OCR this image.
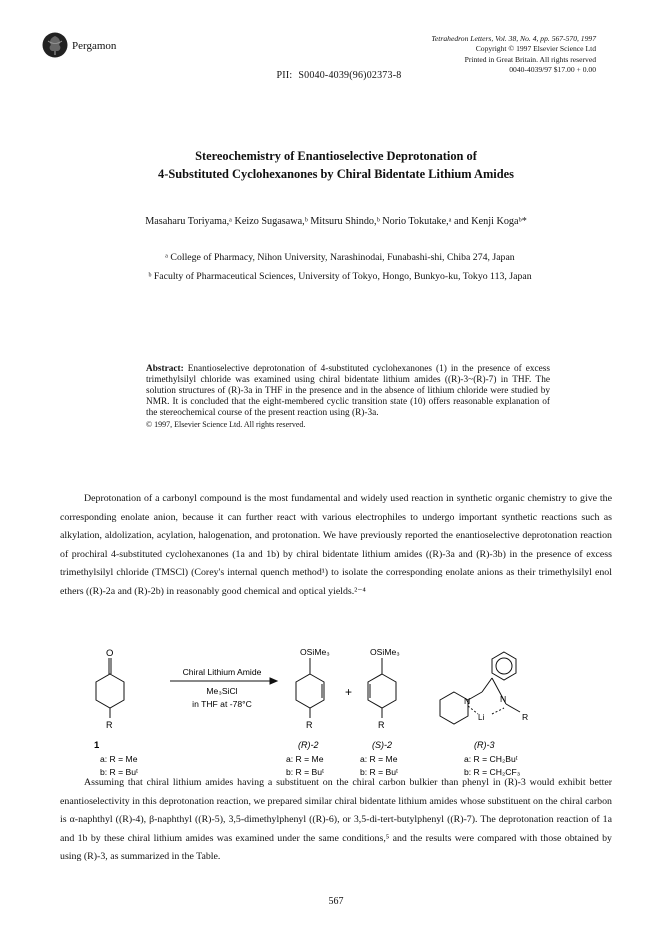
Pergamon
Tetrahedron Letters, Vol. 38, No. 4, pp. 567-570, 1997
Copyright © 1997 Elsevier Science Ltd
Printed in Great Britain. All rights reserved
0040-4039/97 $17.00 + 0.00
PII: S0040-4039(96)02373-8
Stereochemistry of Enantioselective Deprotonation of
4-Substituted Cyclohexanones by Chiral Bidentate Lithium Amides
Masaharu Toriyama,ᵃ Keizo Sugasawa,ᵇ Mitsuru Shindo,ᵇ Norio Tokutake,ᵃ and Kenji Kogaᵇ*
ᵃ College of Pharmacy, Nihon University, Narashinodai, Funabashi-shi, Chiba 274, Japan
ᵇ Faculty of Pharmaceutical Sciences, University of Tokyo, Hongo, Bunkyo-ku, Tokyo 113, Japan
Abstract: Enantioselective deprotonation of 4-substituted cyclohexanones (1) in the presence of excess trimethylsilyl chloride was examined using chiral bidentate lithium amides ((R)-3~(R)-7) in THF. The solution structures of (R)-3a in THF in the presence and in the absence of lithium chloride were studied by NMR. It is concluded that the eight-membered cyclic transition state (10) offers reasonable explanation of the stereochemical course of the present reaction using (R)-3a.
© 1997, Elsevier Science Ltd. All rights reserved.

Deprotonation of a carbonyl compound is the most fundamental and widely used reaction in synthetic organic chemistry to give the corresponding enolate anion, because it can further react with various electrophiles to undergo important synthetic reactions such as alkylation, aldolization, acylation, halogenation, and protonation. We have previously reported the enantioselective deprotonation reaction of prochiral 4-substituted cyclohexanones (1a and 1b) by chiral bidentate lithium amides ((R)-3a and (R)-3b) in the presence of excess trimethylsilyl chloride (TMSCl) (Corey's internal quench method¹) to isolate the corresponding enolate anions as their trimethylsilyl enol ethers ((R)-2a and (R)-2b) in reasonably good chemical and optical yields.²⁻⁴

O
R
1
a: R = Me
b: R = Buᵗ
Chiral Lithium Amide
Me₃SiCl
in THF at -78°C
OSiMe₃
R
+
OSiMe₃
R
(R)-2
a: R = Me
b: R = Buᵗ
(S)-2
a: R = Me
b: R = Buᵗ
N	N
Li	R
(R)-3
a: R = CH₂Buᵗ
b: R = CH₂CF₃

Assuming that chiral lithium amides having a substituent on the chiral carbon bulkier than phenyl in (R)-3 would exhibit better enantioselectivity in this deprotonation reaction, we prepared similar chiral bidentate lithium amides whose substituent on the chiral carbon is α-naphthyl ((R)-4), β-naphthyl ((R)-5), 3,5-dimethylphenyl ((R)-6), or 3,5-di-tert-butylphenyl ((R)-7). The deprotonation reaction of 1a and 1b by these chiral lithium amides was examined under the same conditions,⁵ and the results were compared with those obtained by using (R)-3, as summarized in the Table.

567
